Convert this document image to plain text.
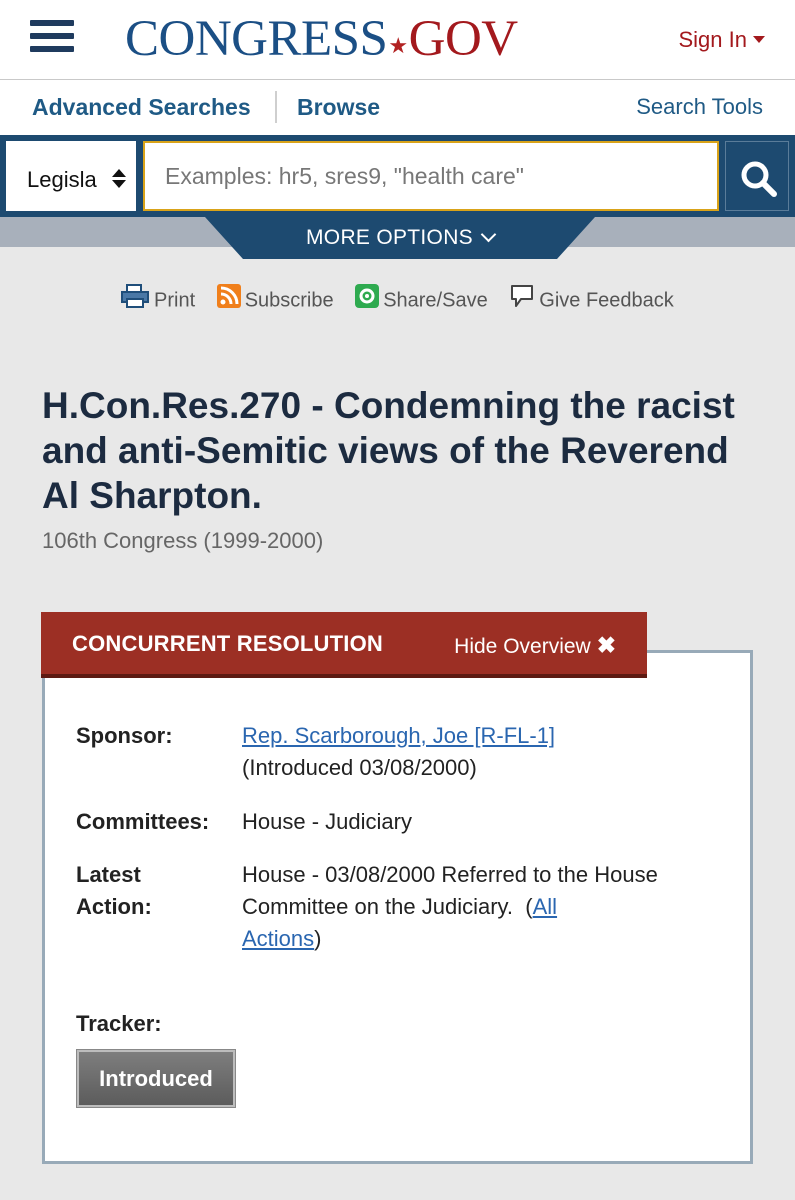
CONGRESS★GOV	Sign In
Advanced Searches Browse	Search Tools
Legisla
Examples: hr5, sres9, "health care"
MORE OPTIONS
Print Subscribe Share/Save	Give Feedback
H.Con.Res.270 - Condemning the racist and anti-Semitic views of the Reverend Al Sharpton.
106th Congress (1999-2000)
CONCURRENT RESOLUTION	Hide Overview ✖
Sponsor:	Rep. Scarborough, Joe [R-FL-1]
(Introduced 03/08/2000)
Committees: House - Judiciary
Latest
Action:
House - 03/08/2000 Referred to the House Committee on the Judiciary.  (All
Actions)
Tracker:
Introduced
